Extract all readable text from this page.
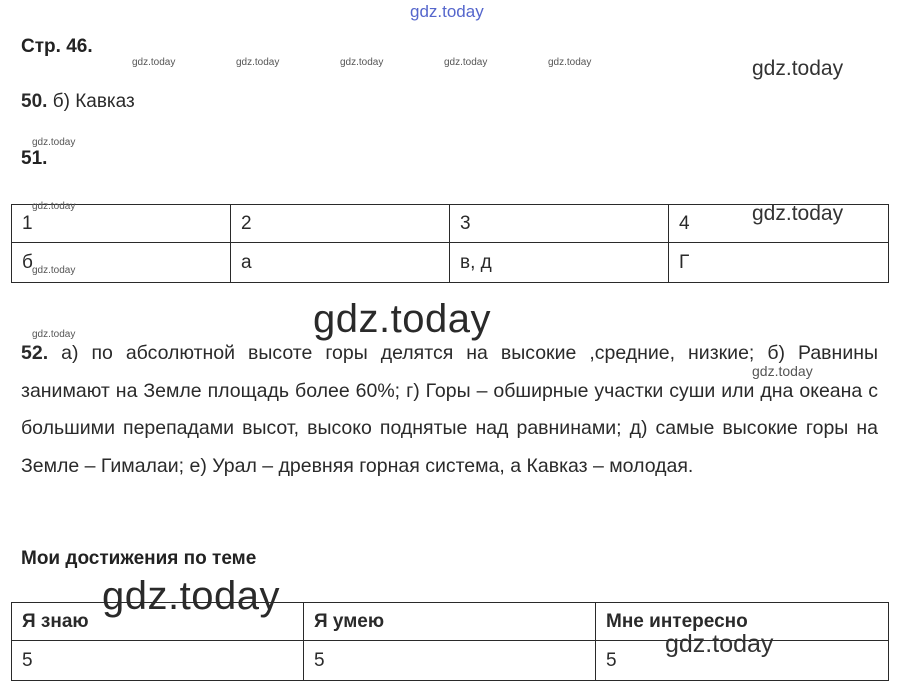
gdz.today
Стр. 46.
gdz.today	gdz.today	gdz.today	gdz.today	gdz.today	gdz.today
50. б) Кавказ
gdz.today
51.
1	2	3	4
б	а	в, д	Г
gdz.today	gdz.today
gdz.today
gdz.today
gdz.today
gdz.today
52. а) по абсолютной высоте горы делятся на высокие ,средние, низкие; б) Равнины занимают на Земле площадь более 60%; г) Горы – обширные участки суши или дна океана с большими перепадами высот, высоко поднятые над равнинами; д) самые высокие горы на Земле – Гималаи; е) Урал – древняя горная система, а Кавказ – молодая.
Мои достижения по теме
Я знаю	Я умею	Мне интересно
5	5	5
gdz.today
gdz.today
